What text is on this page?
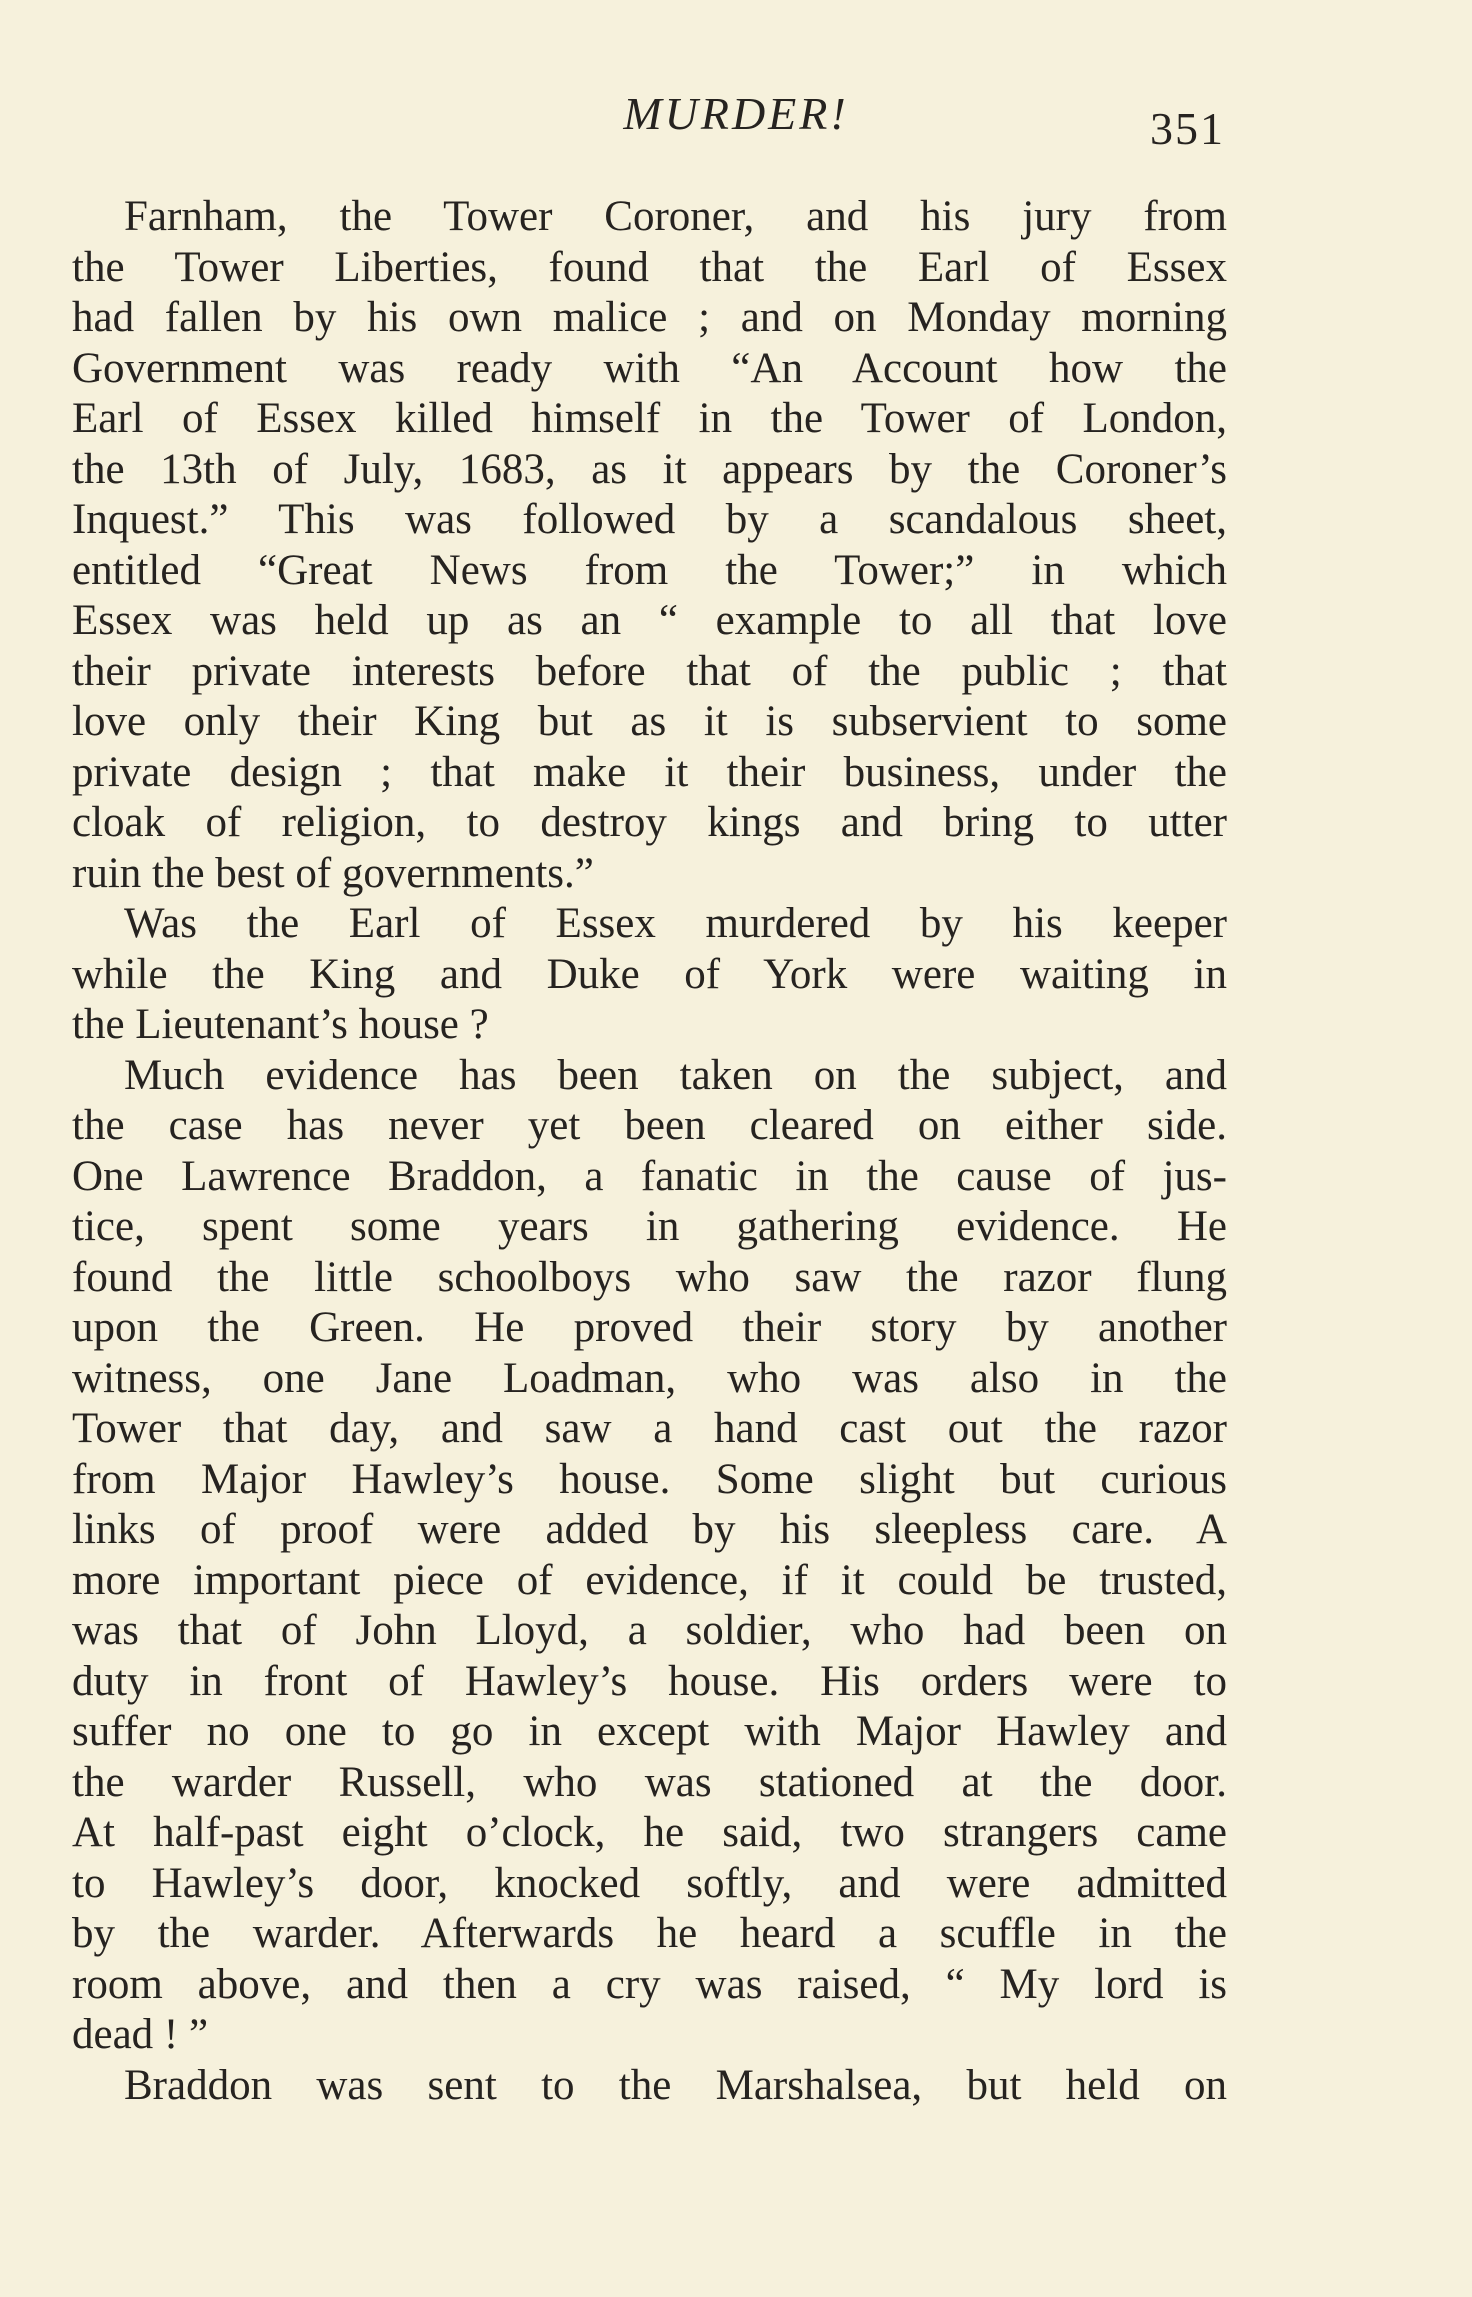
MURDER!	351
Farnham, the Tower Coroner, and his jury from
the Tower Liberties, found that the Earl of Essex
had fallen by his own malice ; and on Monday morning
Government was ready with “An Account how the
Earl of Essex killed himself in the Tower of London,
the 13th of July, 1683, as it appears by the Coroner’s
Inquest.” This was followed by a scandalous sheet,
entitled “Great News from the Tower;” in which
Essex was held up as an “ example to all that love
their private interests before that of the public ; that
love only their King but as it is subservient to some
private design ; that make it their business, under the
cloak of religion, to destroy kings and bring to utter
ruin the best of governments.”
Was the Earl of Essex murdered by his keeper
while the King and Duke of York were waiting in
the Lieutenant’s house ?
Much evidence has been taken on the subject, and
the case has never yet been cleared on either side.
One Lawrence Braddon, a fanatic in the cause of jus-
tice, spent some years in gathering evidence. He
found the little schoolboys who saw the razor flung
upon the Green. He proved their story by another
witness, one Jane Loadman, who was also in the
Tower that day, and saw a hand cast out the razor
from Major Hawley’s house. Some slight but curious
links of proof were added by his sleepless care. A
more important piece of evidence, if it could be trusted,
was that of John Lloyd, a soldier, who had been on
duty in front of Hawley’s house. His orders were to
suffer no one to go in except with Major Hawley and
the warder Russell, who was stationed at the door.
At half-past eight o’clock, he said, two strangers came
to Hawley’s door, knocked softly, and were admitted
by the warder. Afterwards he heard a scuffle in the
room above, and then a cry was raised, “ My lord is
dead ! ”
Braddon was sent to the Marshalsea, but held on
